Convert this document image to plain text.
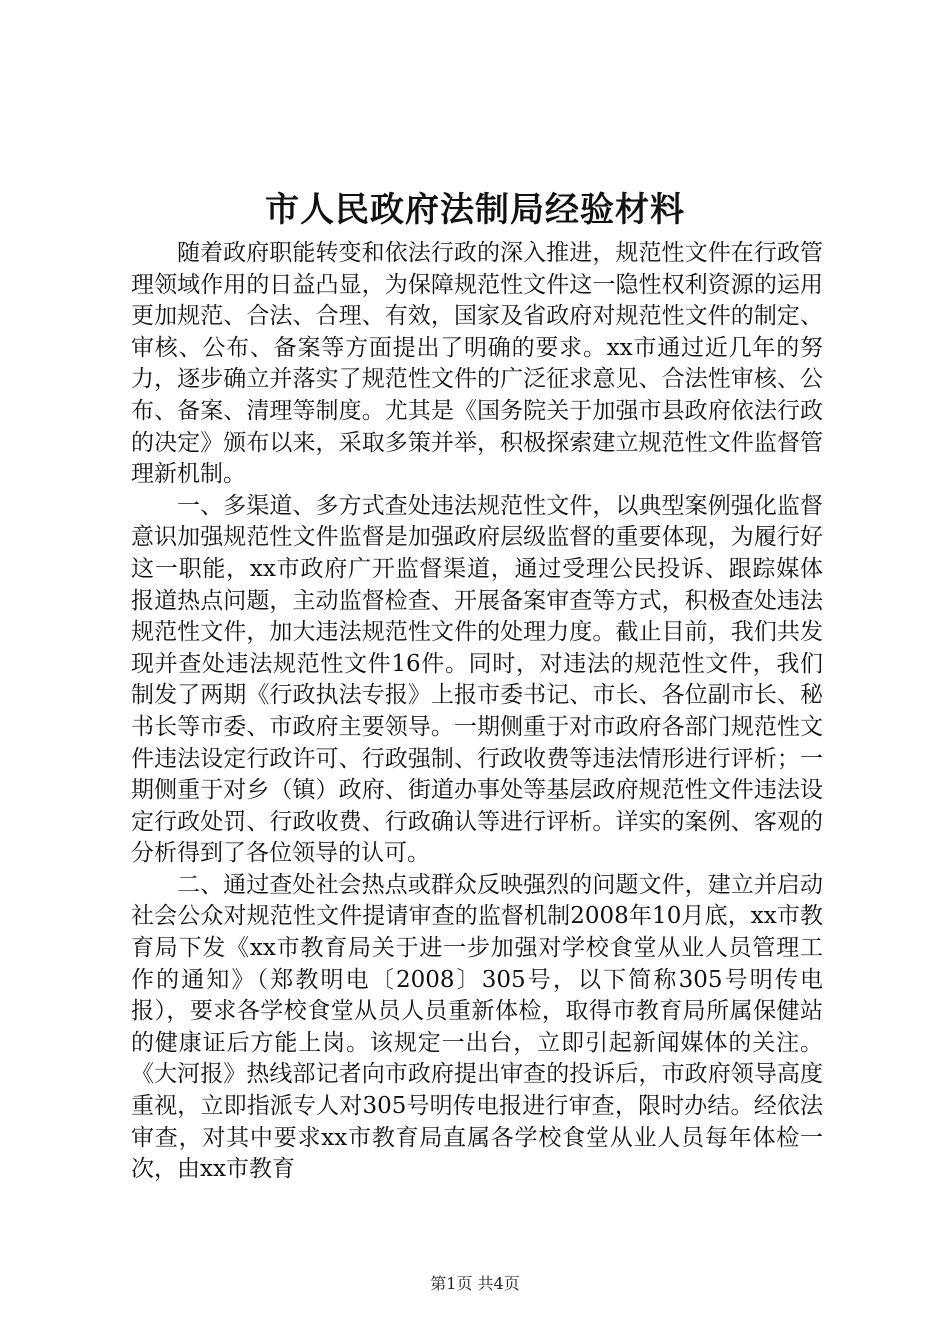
市人民政府法制局经验材料

随着政府职能转变和依法行政的深入推进，规范性文件在行政管理领域作用的日益凸显，为保障规范性文件这一隐性权利资源的运用更加规范、合法、合理、有效，国家及省政府对规范性文件的制定、审核、公布、备案等方面提出了明确的要求。xx市通过近几年的努力，逐步确立并落实了规范性文件的广泛征求意见、合法性审核、公布、备案、清理等制度。尤其是《国务院关于加强市县政府依法行政的决定》颁布以来，采取多策并举，积极探索建立规范性文件监督管理新机制。

一、多渠道、多方式查处违法规范性文件，以典型案例强化监督意识加强规范性文件监督是加强政府层级监督的重要体现，为履行好这一职能，xx市政府广开监督渠道，通过受理公民投诉、跟踪媒体报道热点问题，主动监督检查、开展备案审查等方式，积极查处违法规范性文件，加大违法规范性文件的处理力度。截止目前，我们共发现并查处违法规范性文件16件。同时，对违法的规范性文件，我们制发了两期《行政执法专报》上报市委书记、市长、各位副市长、秘书长等市委、市政府主要领导。一期侧重于对市政府各部门规范性文件违法设定行政许可、行政强制、行政收费等违法情形进行评析；一期侧重于对乡（镇）政府、街道办事处等基层政府规范性文件违法设定行政处罚、行政收费、行政确认等进行评析。详实的案例、客观的分析得到了各位领导的认可。

二、通过查处社会热点或群众反映强烈的问题文件，建立并启动社会公众对规范性文件提请审查的监督机制2008年10月底，xx市教育局下发《xx市教育局关于进一步加强对学校食堂从业人员管理工作的通知》（郑教明电〔2008〕305号，以下简称305号明传电报），要求各学校食堂从员人员重新体检，取得市教育局所属保健站的健康证后方能上岗。该规定一出台，立即引起新闻媒体的关注。《大河报》热线部记者向市政府提出审查的投诉后，市政府领导高度重视，立即指派专人对305号明传电报进行审查，限时办结。经依法审查，对其中要求xx市教育局直属各学校食堂从业人员每年体检一次，由xx市教育

第1页 共4页
